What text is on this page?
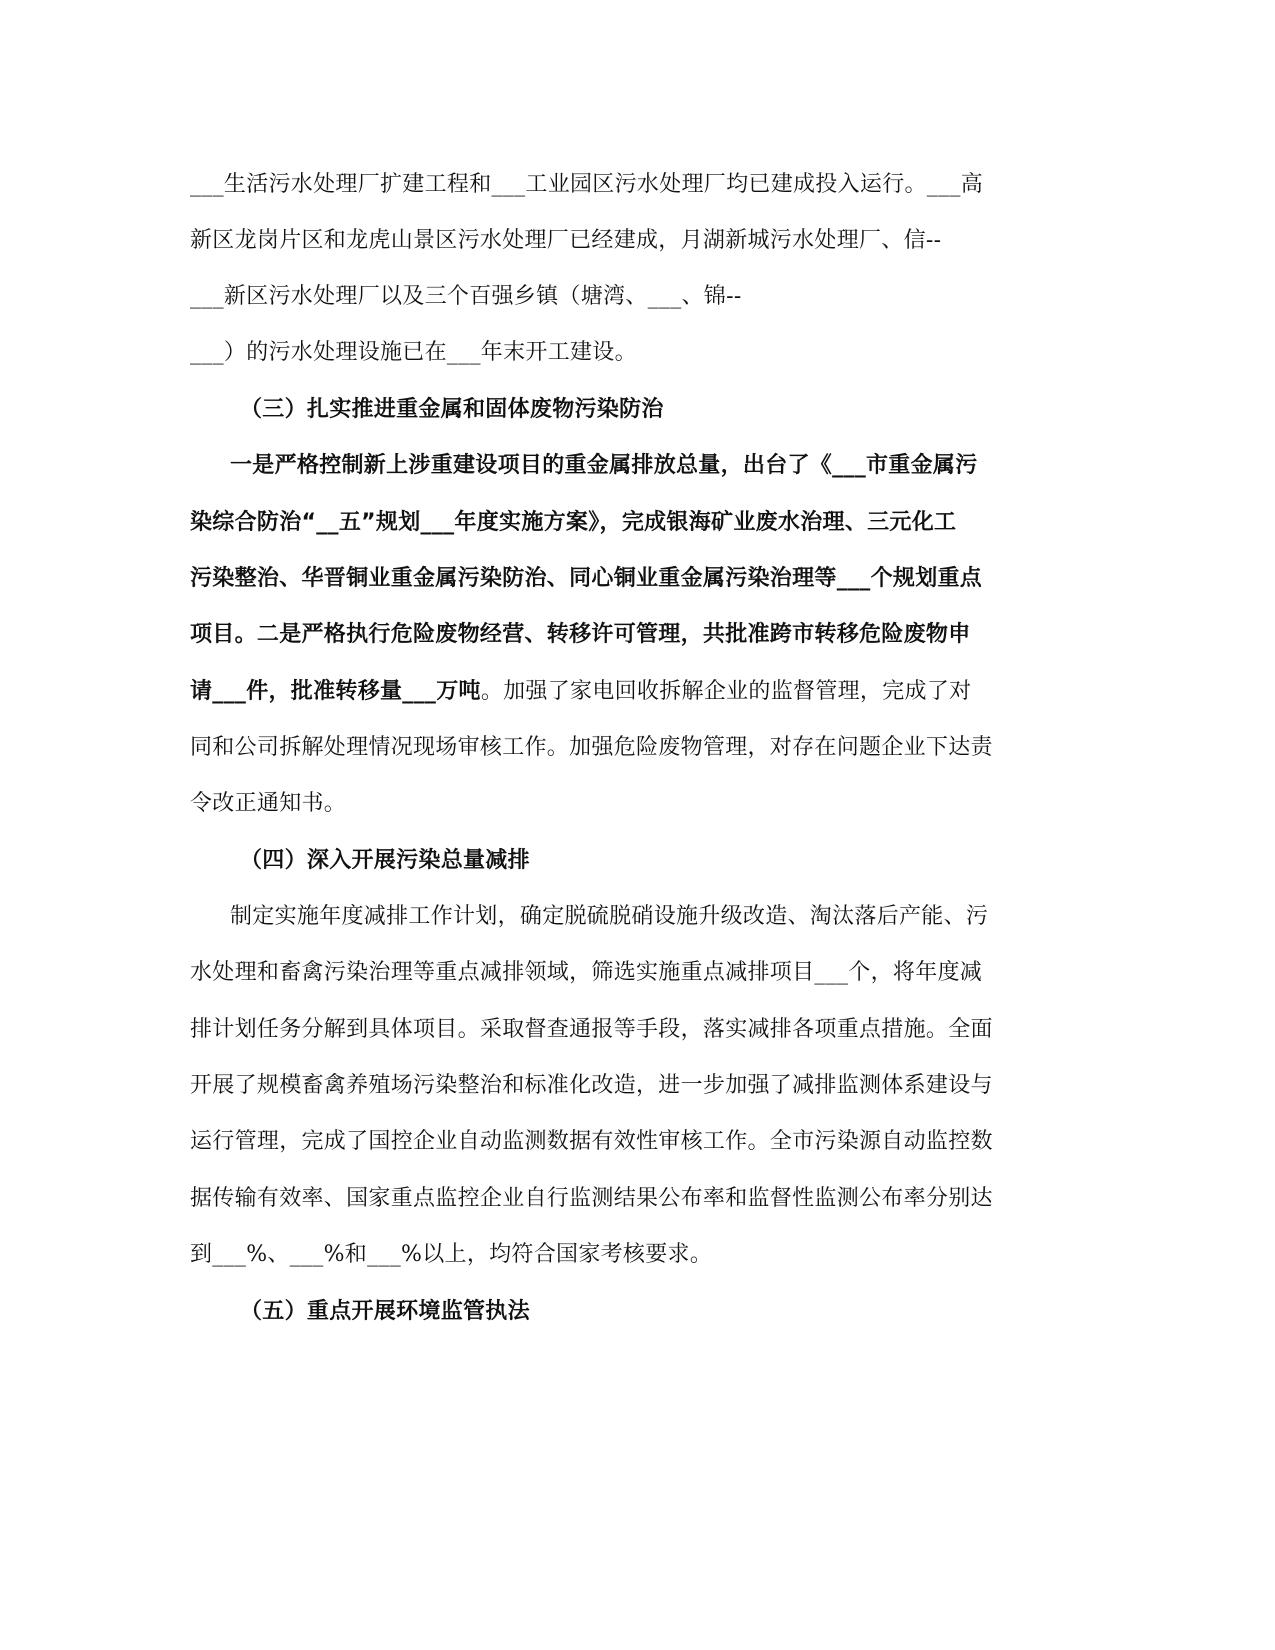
___生活污水处理厂扩建工程和___工业园区污水处理厂均已建成投入运行。___高
新区龙岗片区和龙虎山景区污水处理厂已经建成，月湖新城污水处理厂、信--
___新区污水处理厂以及三个百强乡镇（塘湾、___、锦--
___）的污水处理设施已在___年末开工建设。
（三）扎实推进重金属和固体废物污染防治
一是严格控制新上涉重建设项目的重金属排放总量，出台了《___市重金属污
染综合防治“__五”规划___年度实施方案》，完成银海矿业废水治理、三元化工
污染整治、华晋铜业重金属污染防治、同心铜业重金属污染治理等___个规划重点
项目。二是严格执行危险废物经营、转移许可管理，共批准跨市转移危险废物申
请___件，批准转移量___万吨。加强了家电回收拆解企业的监督管理，完成了对
同和公司拆解处理情况现场审核工作。加强危险废物管理，对存在问题企业下达责
令改正通知书。
（四）深入开展污染总量减排
制定实施年度减排工作计划，确定脱硫脱硝设施升级改造、淘汰落后产能、污
水处理和畜禽污染治理等重点减排领域，筛选实施重点减排项目___个，将年度减
排计划任务分解到具体项目。采取督查通报等手段，落实减排各项重点措施。全面
开展了规模畜禽养殖场污染整治和标准化改造，进一步加强了减排监测体系建设与
运行管理，完成了国控企业自动监测数据有效性审核工作。全市污染源自动监控数
据传输有效率、国家重点监控企业自行监测结果公布率和监督性监测公布率分别达
到___%、___%和___%以上，均符合国家考核要求。
（五）重点开展环境监管执法
